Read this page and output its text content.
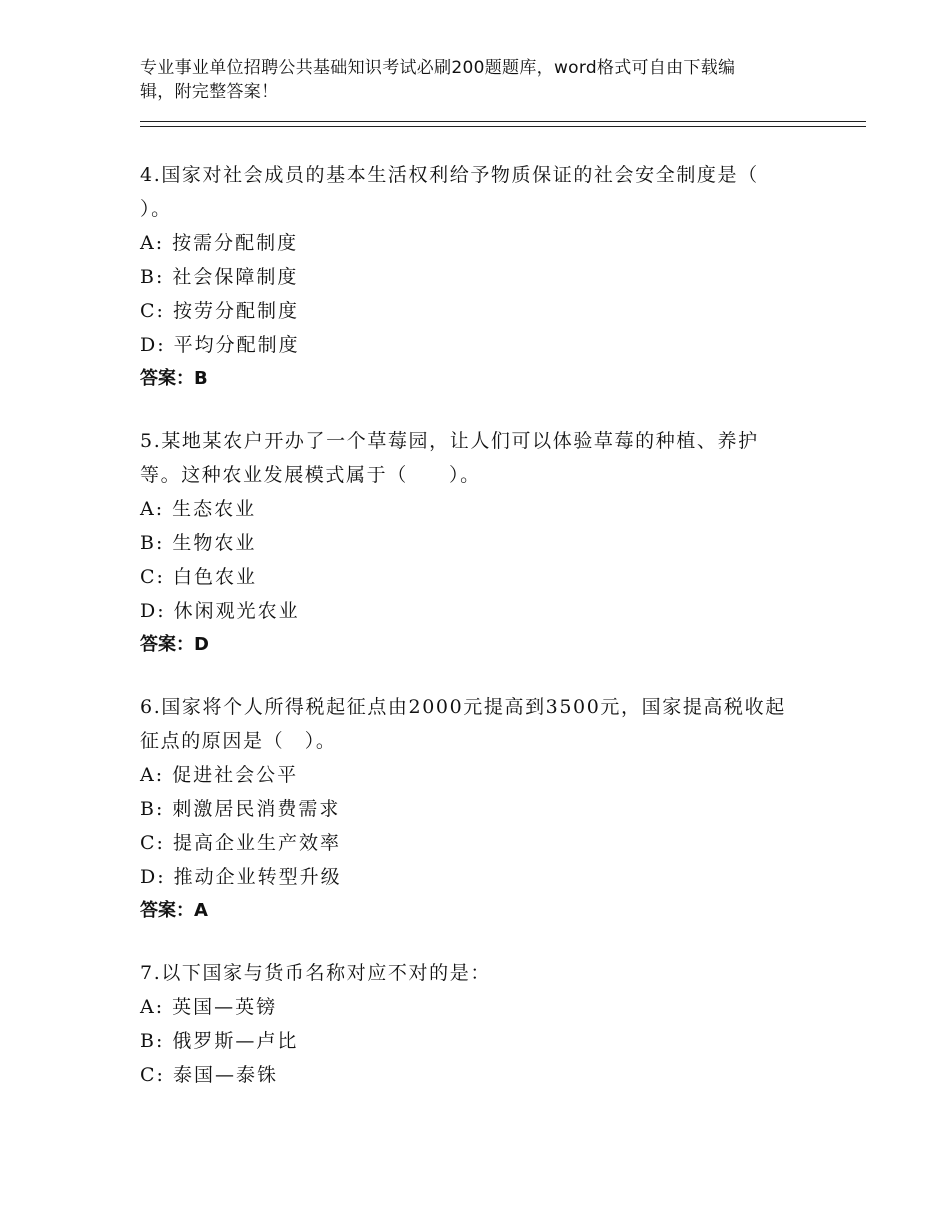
专业事业单位招聘公共基础知识考试必刷200题题库，word格式可自由下载编
辑，附完整答案！

4.国家对社会成员的基本生活权利给予物质保证的社会安全制度是（

）。

A: 按需分配制度

B: 社会保障制度

C: 按劳分配制度

D: 平均分配制度

答案：B

5.某地某农户开办了一个草莓园，让人们可以体验草莓的种植、养护

等。这种农业发展模式属于（　　）。

A: 生态农业

B: 生物农业

C: 白色农业

D: 休闲观光农业

答案：D

6.国家将个人所得税起征点由2000元提高到3500元，国家提高税收起

征点的原因是（　）。

A: 促进社会公平

B: 刺激居民消费需求

C: 提高企业生产效率

D: 推动企业转型升级

答案：A

7.以下国家与货币名称对应不对的是：

A: 英国—英镑

B: 俄罗斯—卢比

C: 泰国—泰铢
